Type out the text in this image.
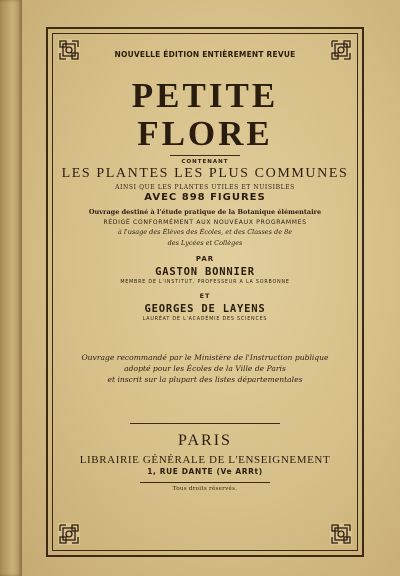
NOUVELLE ÉDITION ENTIÈREMENT REVUE
PETITE FLORE
CONTENANT
LES PLANTES LES PLUS COMMUNES
AINSI QUE LES PLANTES UTILES ET NUISIBLES
AVEC 898 FIGURES
Ouvrage destiné à l'étude pratique de la Botanique élémentaire
RÉDIGÉ CONFORMÉMENT AUX NOUVEAUX PROGRAMMES
à l'usage des Élèves des Écoles, et des Classes de 8e
des Lycées et Collèges
PAR
GASTON BONNIER
MEMBRE DE L'INSTITUT, PROFESSEUR A LA SORBONNE
ET
GEORGES DE LAYENS
LAURÉAT DE L'ACADÉMIE DES SCIENCES
Ouvrage recommandé par le Ministère de l'Instruction publique
adopté pour les Écoles de la Ville de Paris
et inscrit sur la plupart des listes départementales
PARIS
LIBRAIRIE GÉNÉRALE DE L'ENSEIGNEMENT
1, RUE DANTE (Ve ARRt)
Tous droits réservés.
